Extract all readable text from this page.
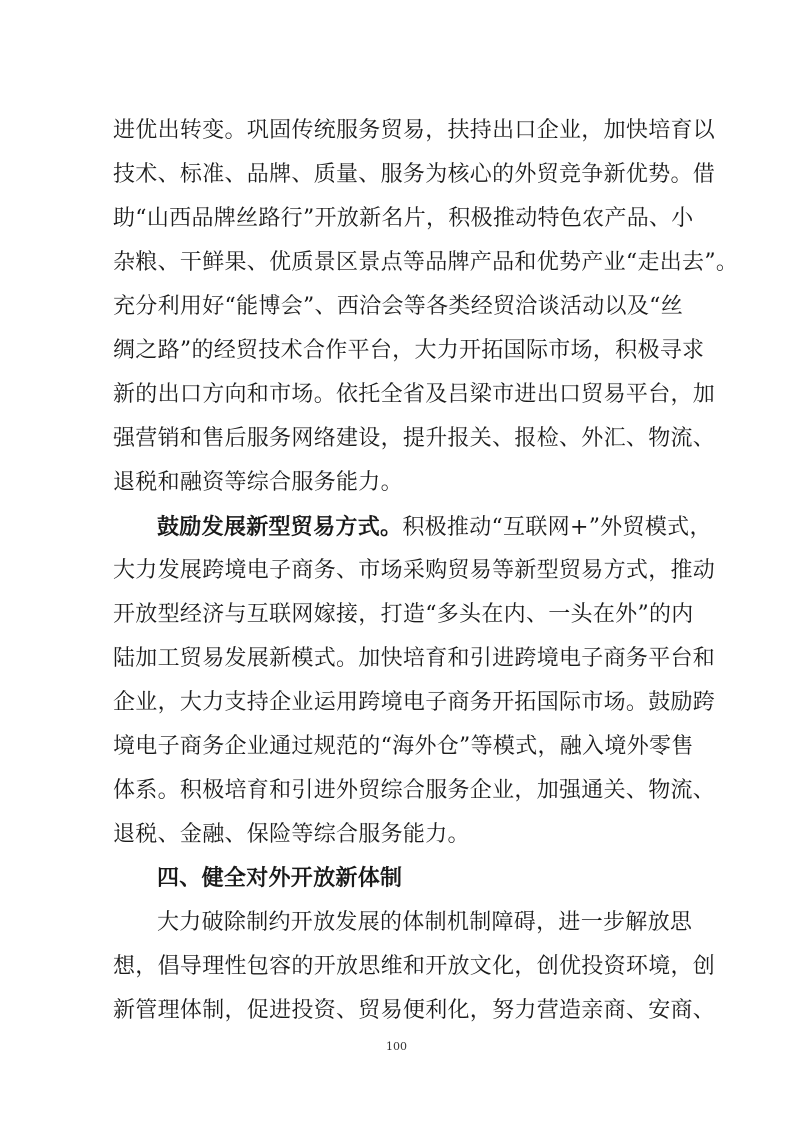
进优出转变。巩固传统服务贸易，扶持出口企业，加快培育以
技术、标准、品牌、质量、服务为核心的外贸竞争新优势。借
助“山西品牌丝路行”开放新名片，积极推动特色农产品、小
杂粮、干鲜果、优质景区景点等品牌产品和优势产业“走出去”。
充分利用好“能博会”、西洽会等各类经贸洽谈活动以及“丝
绸之路”的经贸技术合作平台，大力开拓国际市场，积极寻求
新的出口方向和市场。依托全省及吕梁市进出口贸易平台，加
强营销和售后服务网络建设，提升报关、报检、外汇、物流、
退税和融资等综合服务能力。
鼓励发展新型贸易方式。积极推动“互联网+”外贸模式，
大力发展跨境电子商务、市场采购贸易等新型贸易方式，推动
开放型经济与互联网嫁接，打造“多头在内、一头在外”的内
陆加工贸易发展新模式。加快培育和引进跨境电子商务平台和
企业，大力支持企业运用跨境电子商务开拓国际市场。鼓励跨
境电子商务企业通过规范的“海外仓”等模式，融入境外零售
体系。积极培育和引进外贸综合服务企业，加强通关、物流、
退税、金融、保险等综合服务能力。
四、健全对外开放新体制
大力破除制约开放发展的体制机制障碍，进一步解放思
想，倡导理性包容的开放思维和开放文化，创优投资环境，创
新管理体制，促进投资、贸易便利化，努力营造亲商、安商、
100
